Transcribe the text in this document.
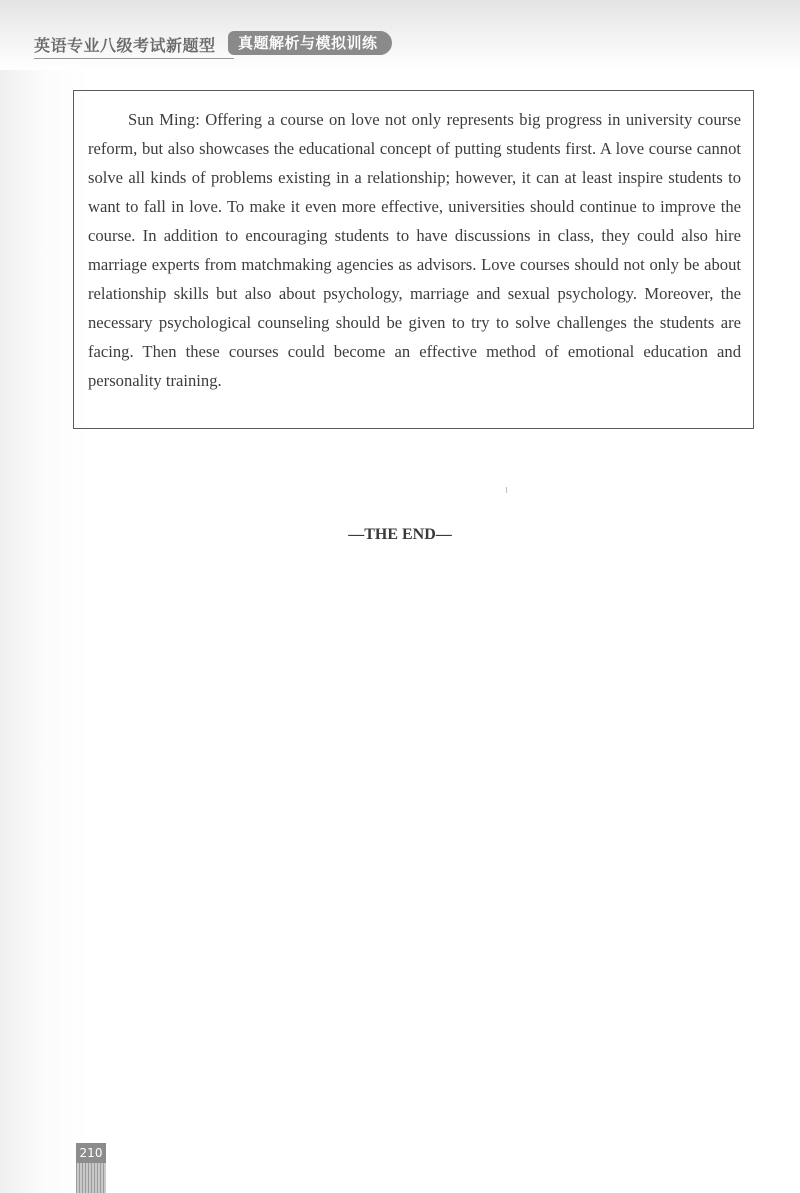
英语专业八级考试新题型	真题解析与模拟训练

Sun Ming: Offering a course on love not only represents big progress in university course reform, but also showcases the educational concept of putting students first. A love course cannot solve all kinds of problems existing in a relationship; however, it can at least inspire students to want to fall in love. To make it even more effective, universities should continue to improve the course. In addition to encouraging students to have discussions in class, they could also hire marriage experts from matchmaking agencies as advisors. Love courses should not only be about relationship skills but also about psychology, marriage and sexual psychology. Moreover, the necessary psychological counseling should be given to try to solve challenges the students are facing. Then these courses could become an effective method of emotional education and personality training.

—THE END—
210
